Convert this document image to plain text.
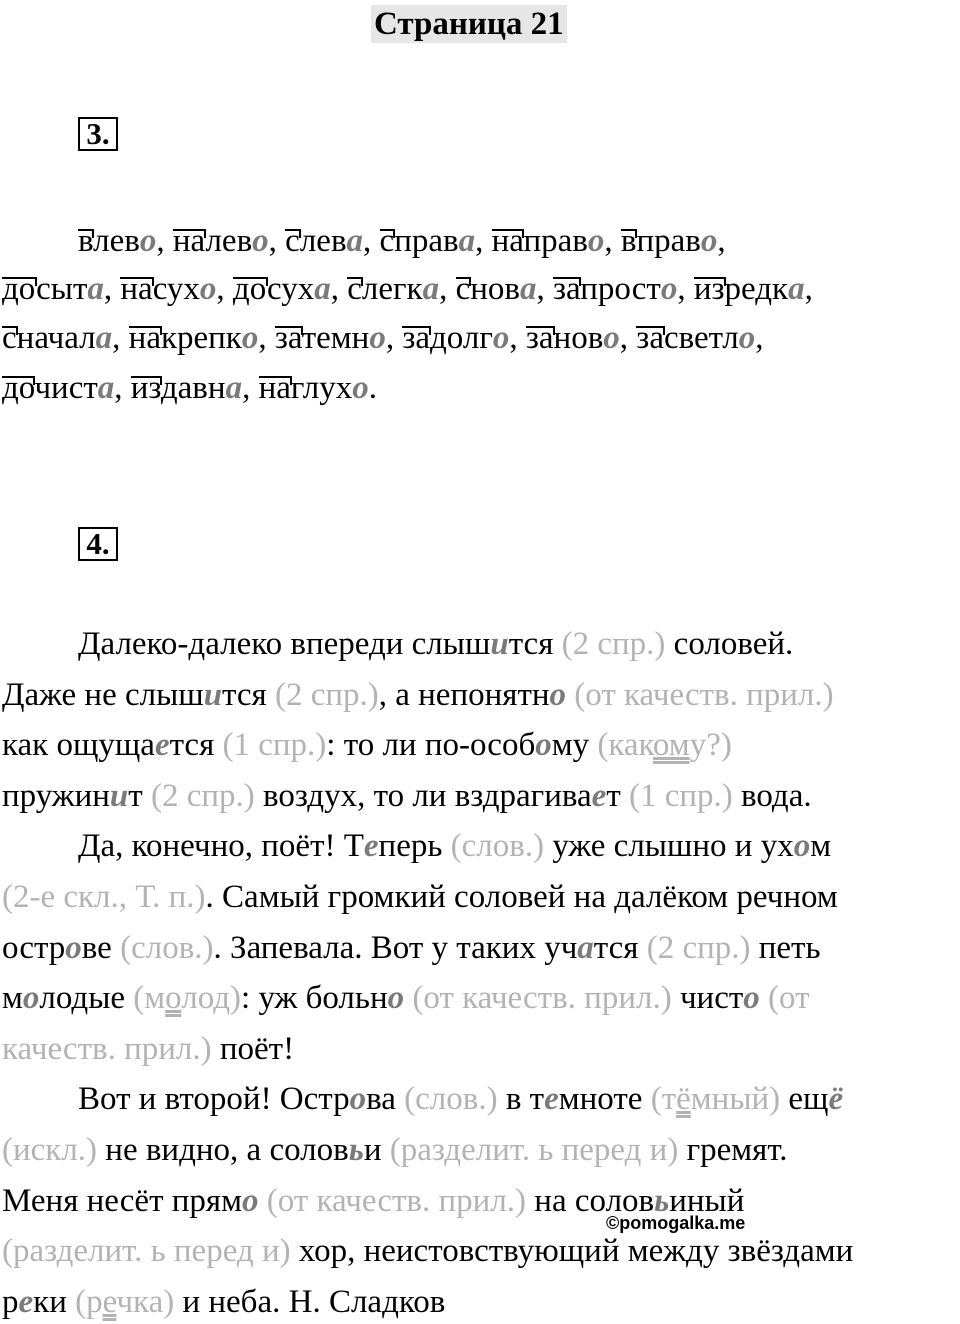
Страница 21
3.
влево, налево, слева, справа, направо, вправо,
досыта, насухо, досуха, слегка, снова, запросто, изредка,
сначала, накрепко, затемно, задолго, заново, засветло,
дочиста, издавна, наглухо.
4.
Далеко-далеко впереди слышится (2 спр.) соловей.
Даже не слышится (2 спр.), а непонятно (от качеств. прил.)
как ощущается (1 спр.): то ли по-особому (какому?)
пружинит (2 спр.) воздух, то ли вздрагивает (1 спр.) вода.
Да, конечно, поёт! Теперь (слов.) уже слышно и ухом
(2-е скл., Т. п.). Самый громкий соловей на далёком речном
острове (слов.). Запевала. Вот у таких учатся (2 спр.) петь
молодые (молод): уж больно (от качеств. прил.) чисто (от
качеств. прил.) поёт!
Вот и второй! Острова (слов.) в темноте (тёмный) ещё
(искл.) не видно, а соловьи (разделит. ь перед и) гремят.
Меня несёт прямо (от качеств. прил.) на соловьиный
(разделит. ь перед и) хор, неистовствующий между звёздами
реки (речка) и неба. Н. Сладков
©pomogalka.me
